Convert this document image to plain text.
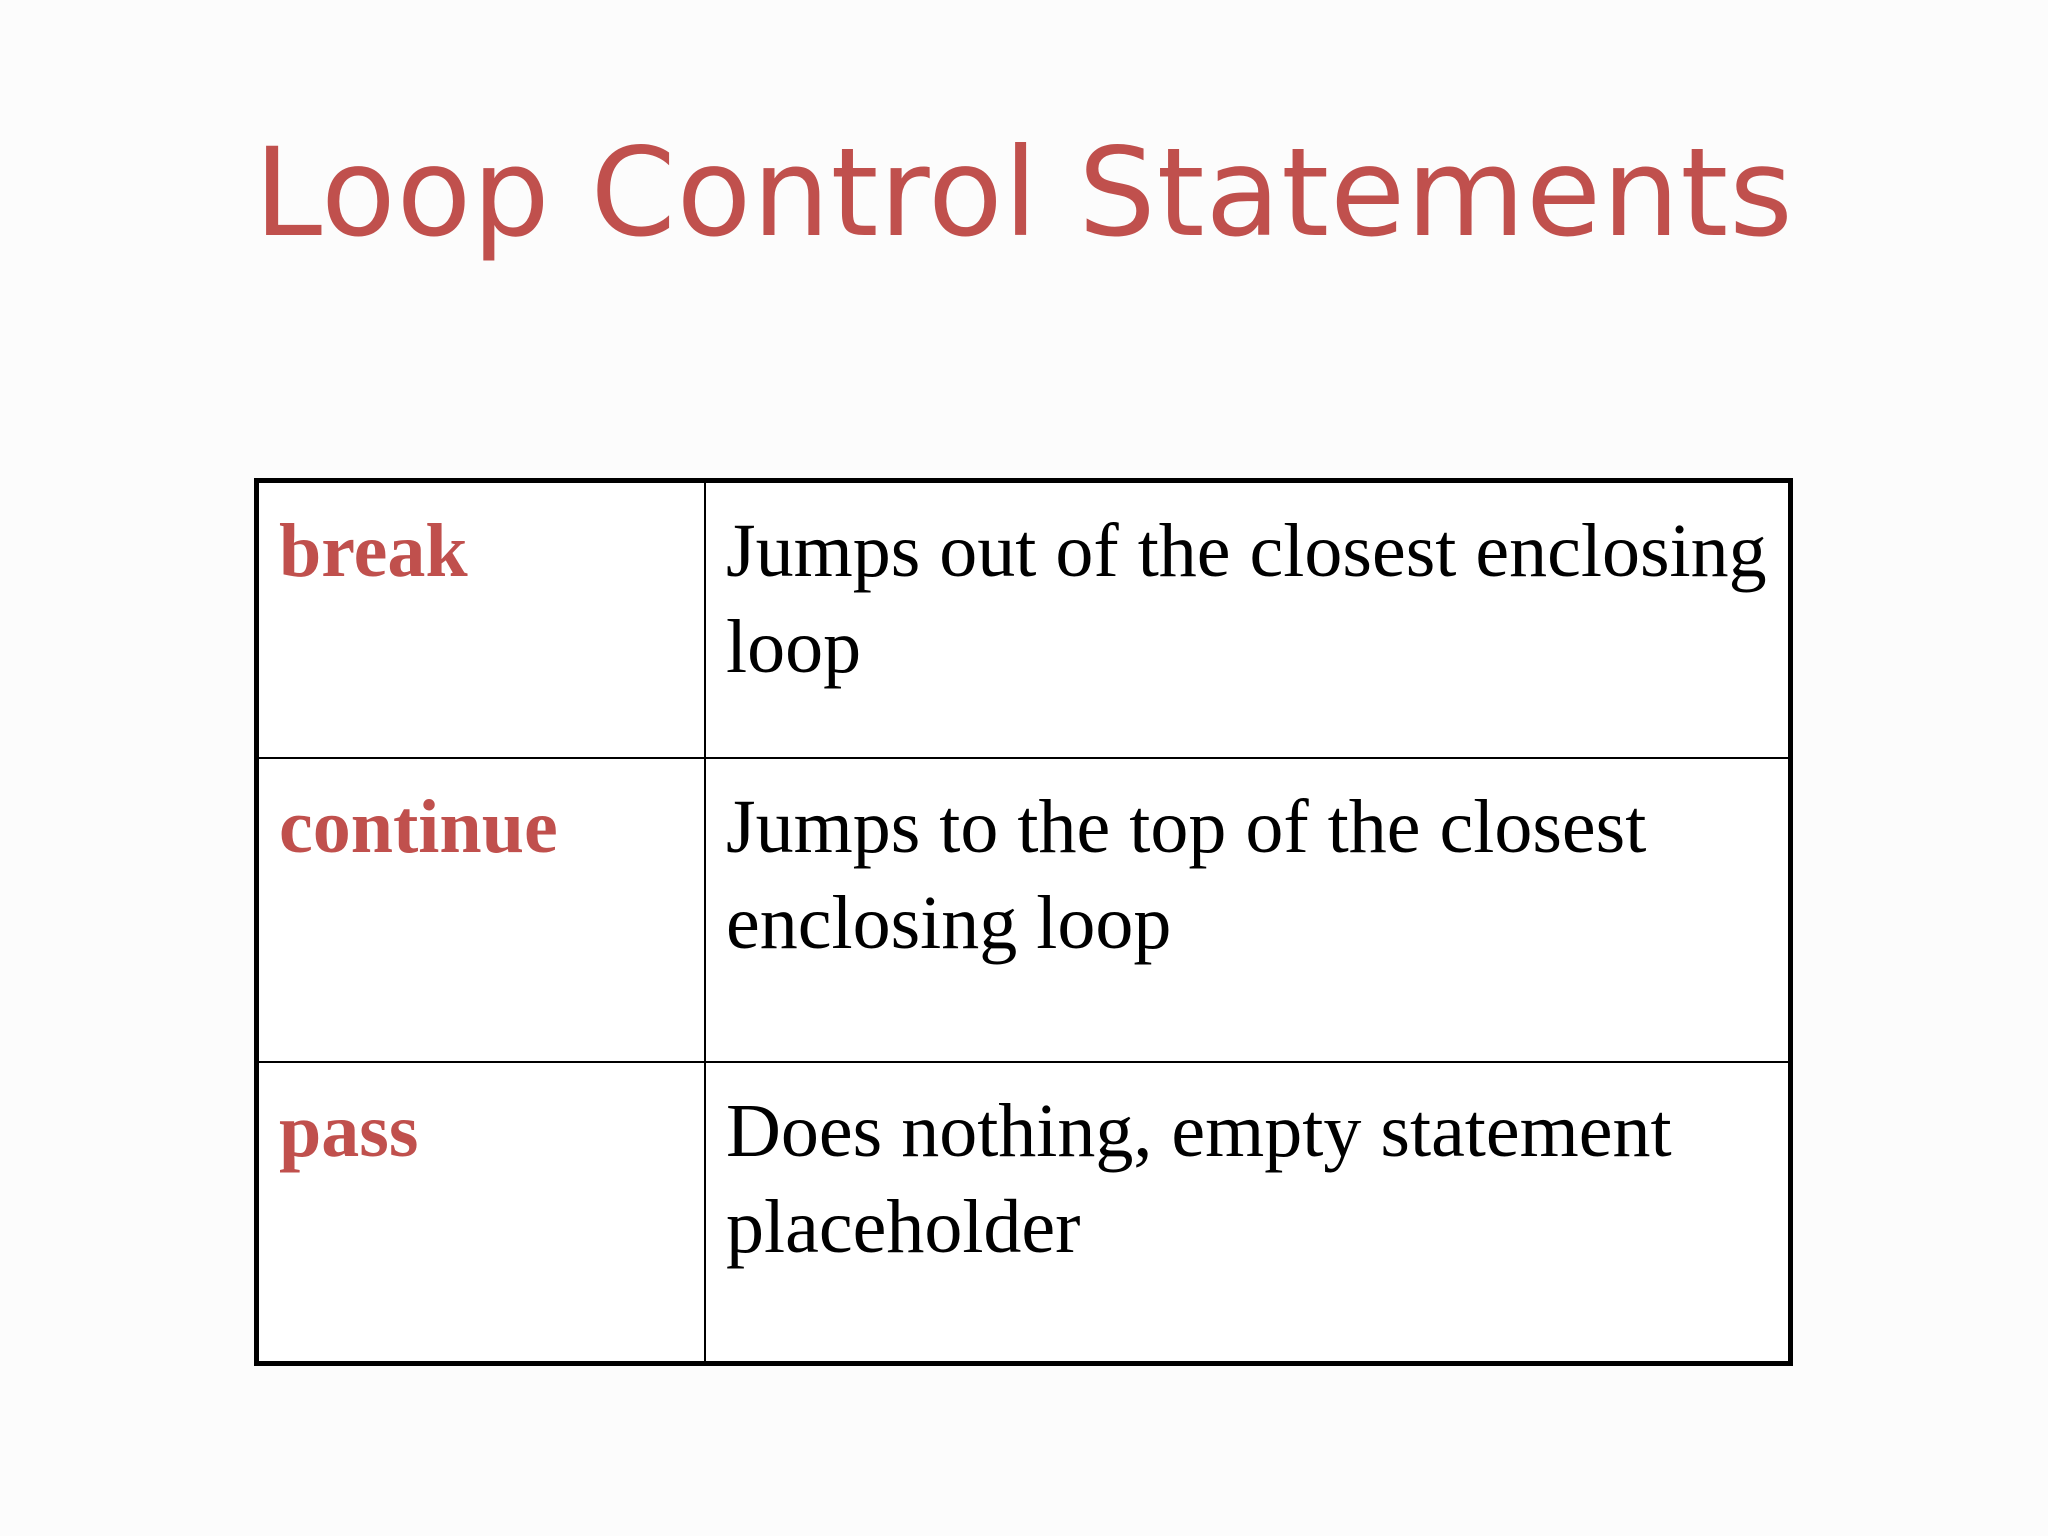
Loop Control Statements
break	Jumps out of the closest enclosing loop
continue	Jumps to the top of the closest enclosing loop
pass	Does nothing, empty statement placeholder
